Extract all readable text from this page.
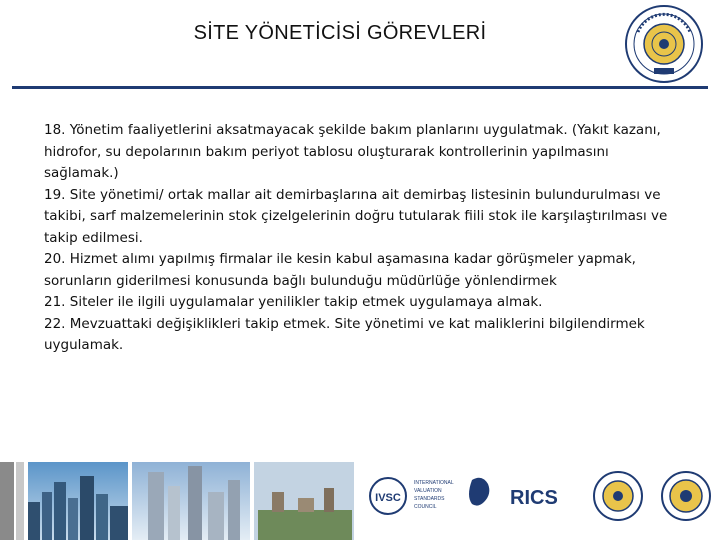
SİTE YÖNETİCİSİ GÖREVLERİ

18. Yönetim faaliyetlerini aksatmayacak şekilde bakım planlarını uygulatmak. (Yakıt kazanı, hidrofor, su depolarının bakım periyot tablosu oluşturarak kontrollerinin yapılmasını sağlamak.)

19. Site yönetimi/ ortak mallar ait demirbaşlarına ait demirbaş listesinin bulundurulması ve takibi, sarf malzemelerinin stok çizelgelerinin doğru tutularak fiili stok ile karşılaştırılması ve takip edilmesi.

20. Hizmet alımı yapılmış firmalar ile kesin kabul aşamasına kadar görüşmeler yapmak, sorunların giderilmesi konusunda bağlı bulunduğu müdürlüğe yönlendirmek

21. Siteler ile ilgili uygulamalar yenilikler takip etmek uygulamaya almak.

22. Mevzuattaki değişiklikleri takip etmek. Site yönetimi ve kat maliklerini bilgilendirmek uygulamak.

IVSC
INTERNATIONAL
VALUATION
STANDARDS
COUNCIL	RICS
